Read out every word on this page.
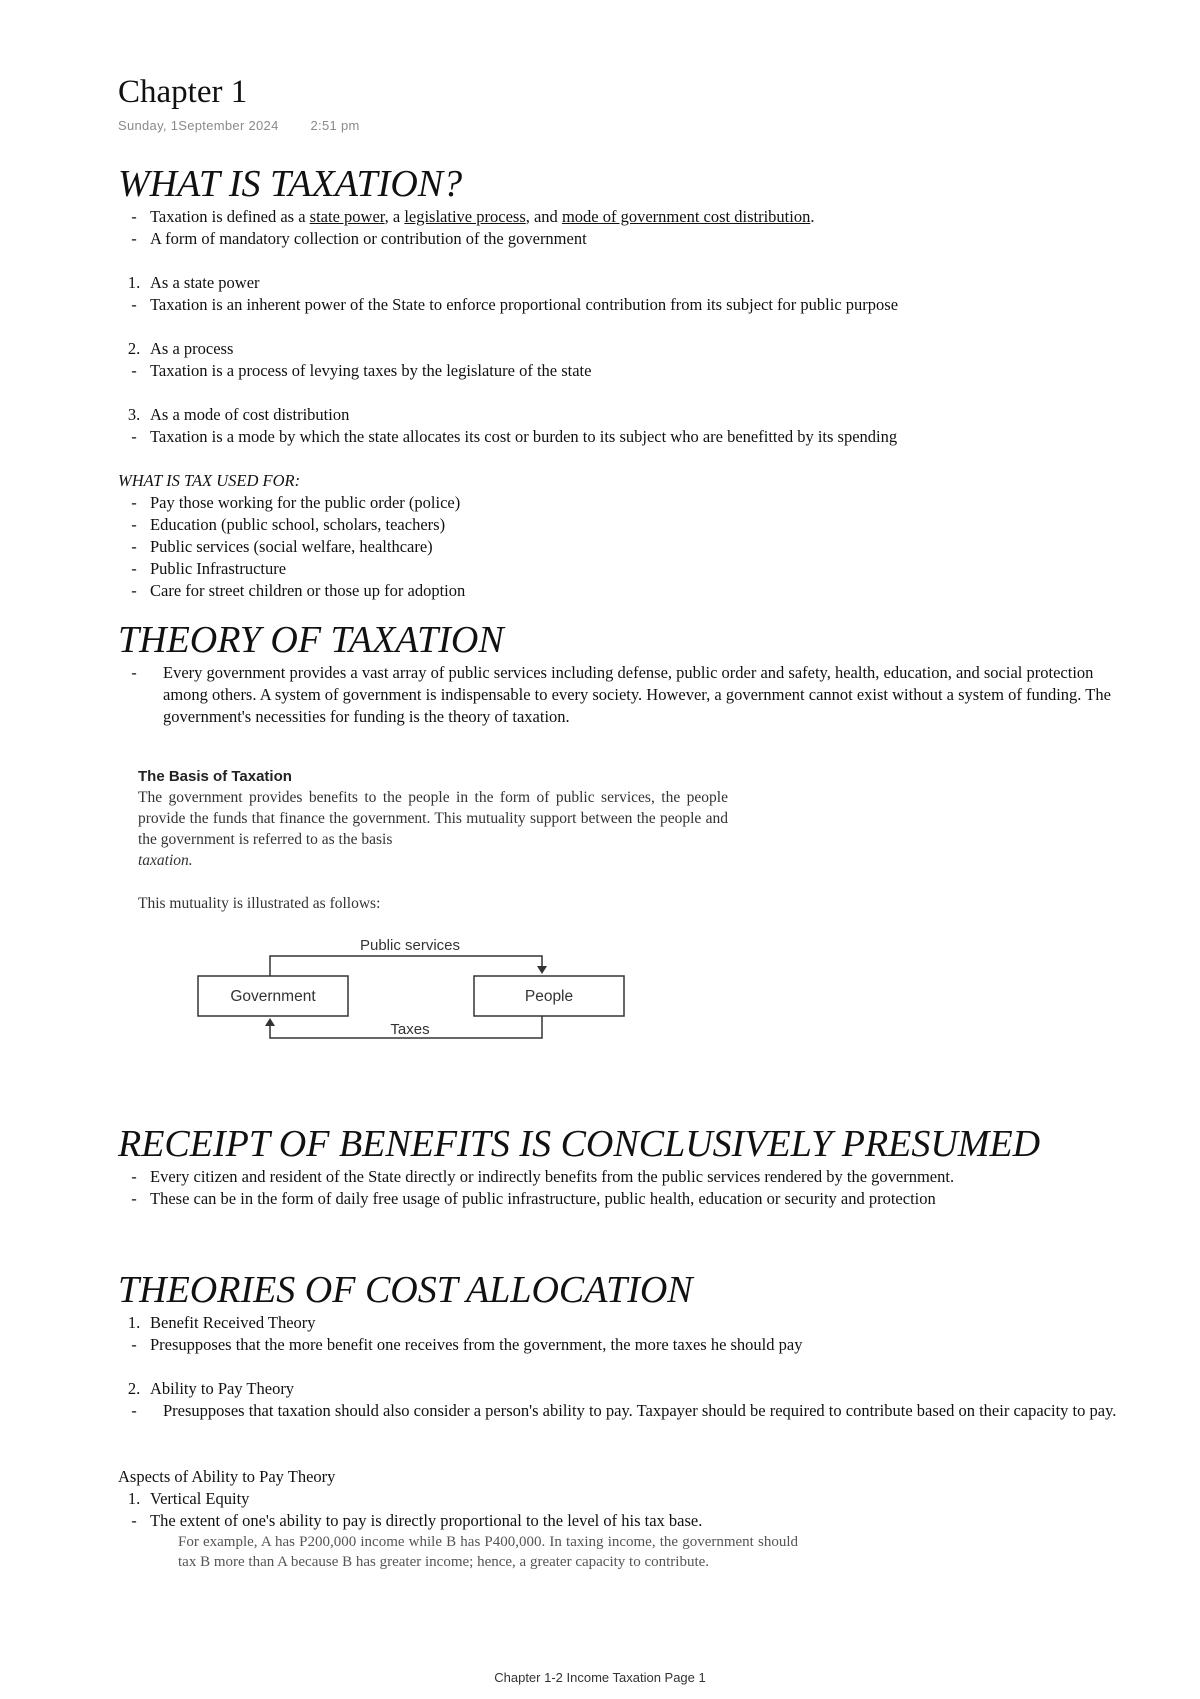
Chapter 1
Sunday, 1September 2024 2:51 pm
WHAT IS TAXATION?
- Taxation is defined as a state power, a legislative process, and mode of government cost distribution.
- A form of mandatory collection or contribution of the government
1. As a state power
- Taxation is an inherent power of the State to enforce proportional contribution from its subject for public purpose
2. As a process
- Taxation is a process of levying taxes by the legislature of the state
3. As a mode of cost distribution
- Taxation is a mode by which the state allocates its cost or burden to its subject who are benefitted by its spending
WHAT IS TAX USED FOR:
- Pay those working for the public order (police)
- Education (public school, scholars, teachers)
- Public services (social welfare, healthcare)
- Public Infrastructure
- Care for street children or those up for adoption
THEORY OF TAXATION
-	Every government provides a vast array of public services including defense, public order and safety, health, education, and social protection among others. A system of government is indispensable to every society. However, a government cannot exist without a system of funding. The government's necessities for funding is the theory of taxation.
The Basis of Taxation
The government provides benefits to the people in the form of public services, the people provide the funds that finance the government. This mutuality support between the people and the government is referred to as the basis
taxation.
This mutuality is illustrated as follows:
Public services
Government	People
Taxes
RECEIPT OF BENEFITS IS CONCLUSIVELY PRESUMED
- Every citizen and resident of the State directly or indirectly benefits from the public services rendered by the government.
- These can be in the form of daily free usage of public infrastructure, public health, education or security and protection
THEORIES OF COST ALLOCATION
1. Benefit Received Theory
- Presupposes that the more benefit one receives from the government, the more taxes he should pay
2. Ability to Pay Theory
-	Presupposes that taxation should also consider a person's ability to pay. Taxpayer should be required to contribute based on their capacity to pay.
Aspects of Ability to Pay Theory
1. Vertical Equity
- The extent of one's ability to pay is directly proportional to the level of his tax base.
For example, A has P200,000 income while B has P400,000. In taxing income, the government should tax B more than A because B has greater income; hence, a greater capacity to contribute.
Chapter 1-2 Income Taxation Page 1
